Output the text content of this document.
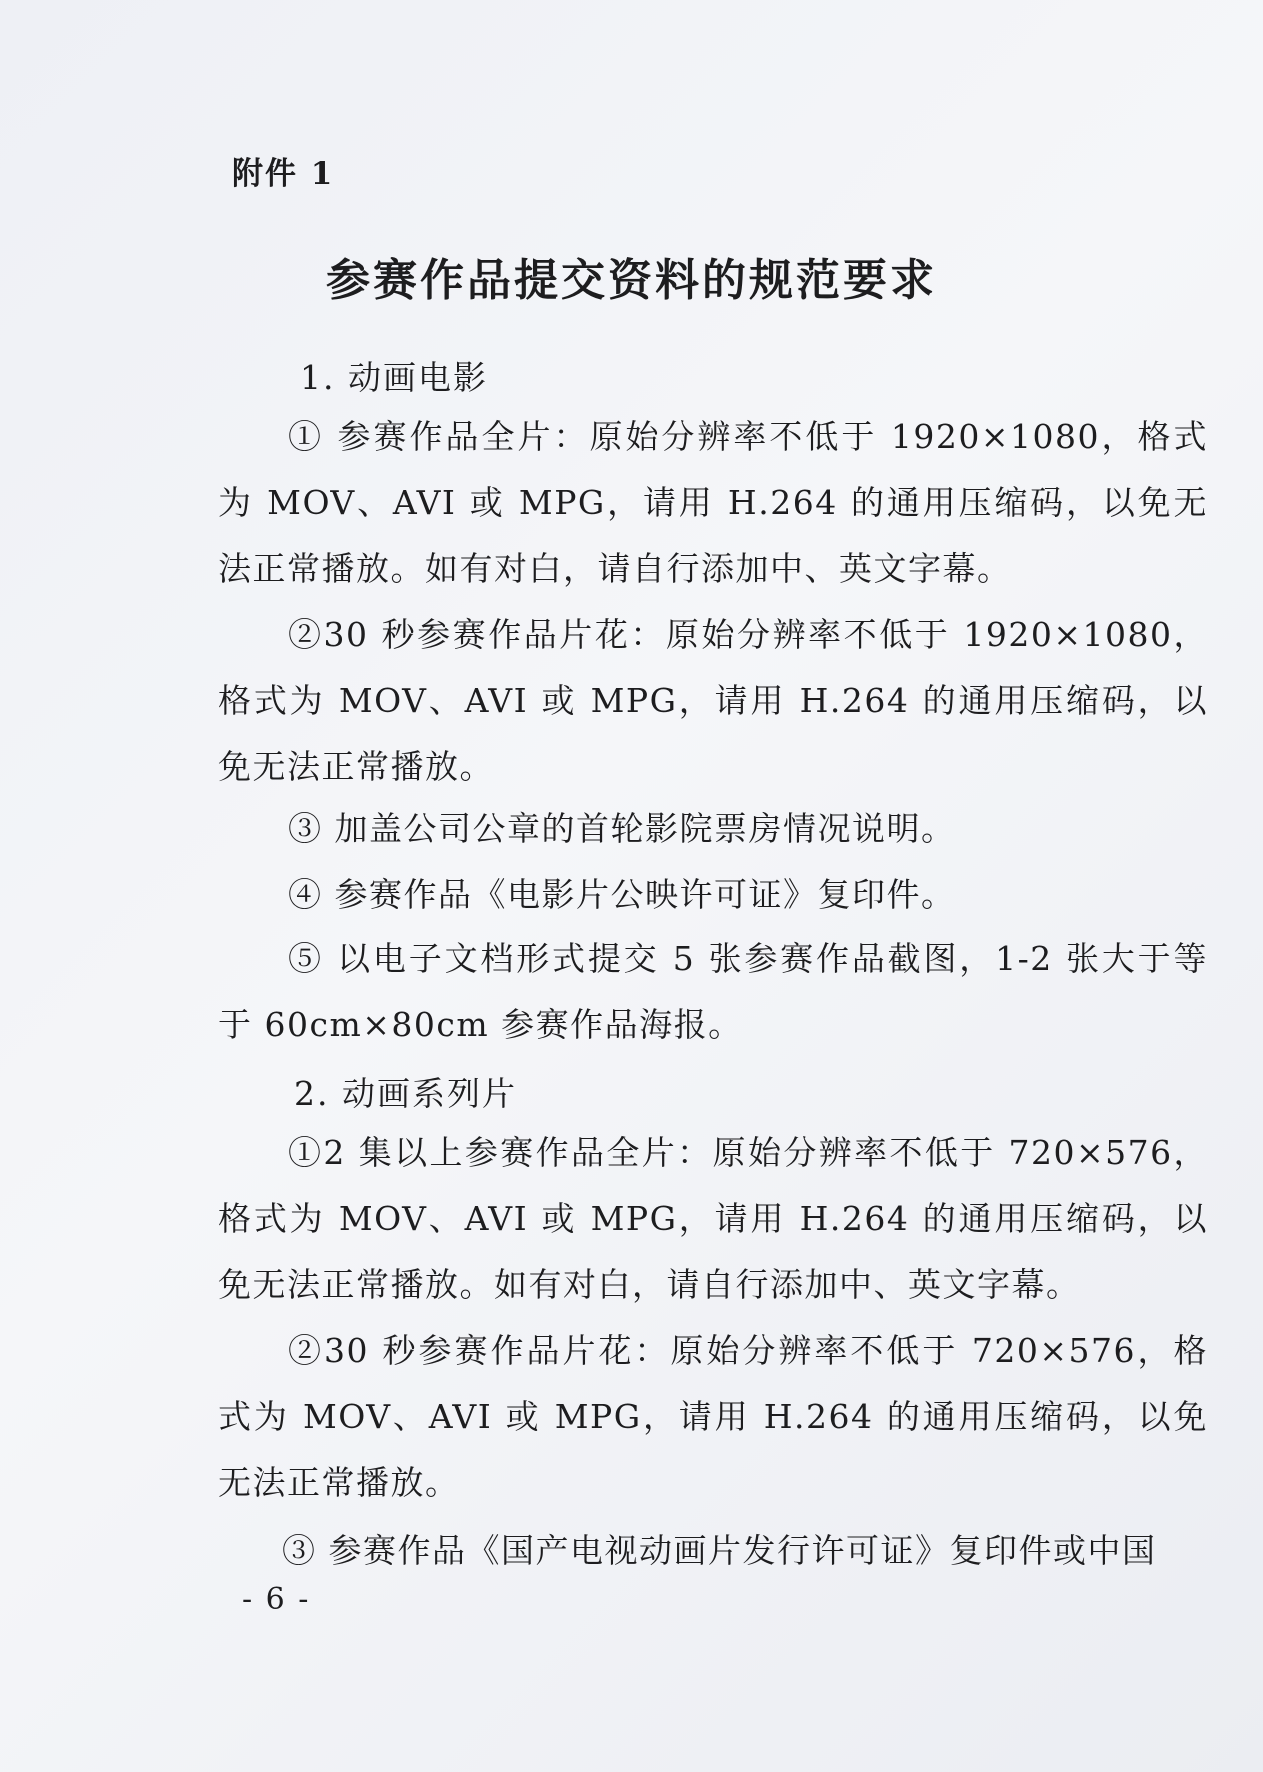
附件 1
参赛作品提交资料的规范要求
1. 动画电影

① 参赛作品全片：原始分辨率不低于 1920×1080，格式为 MOV、AVI 或 MPG，请用 H.264 的通用压缩码，以免无法正常播放。如有对白，请自行添加中、英文字幕。

②30 秒参赛作品片花：原始分辨率不低于 1920×1080，格式为 MOV、AVI 或 MPG，请用 H.264 的通用压缩码，以免无法正常播放。

③ 加盖公司公章的首轮影院票房情况说明。

④ 参赛作品《电影片公映许可证》复印件。

⑤ 以电子文档形式提交 5 张参赛作品截图，1-2 张大于等于 60cm×80cm 参赛作品海报。

2. 动画系列片

①2 集以上参赛作品全片：原始分辨率不低于 720×576，格式为 MOV、AVI 或 MPG，请用 H.264 的通用压缩码，以免无法正常播放。如有对白，请自行添加中、英文字幕。

②30 秒参赛作品片花：原始分辨率不低于 720×576，格式为 MOV、AVI 或 MPG，请用 H.264 的通用压缩码，以免无法正常播放。

③ 参赛作品《国产电视动画片发行许可证》复印件或中国

- 6 -
